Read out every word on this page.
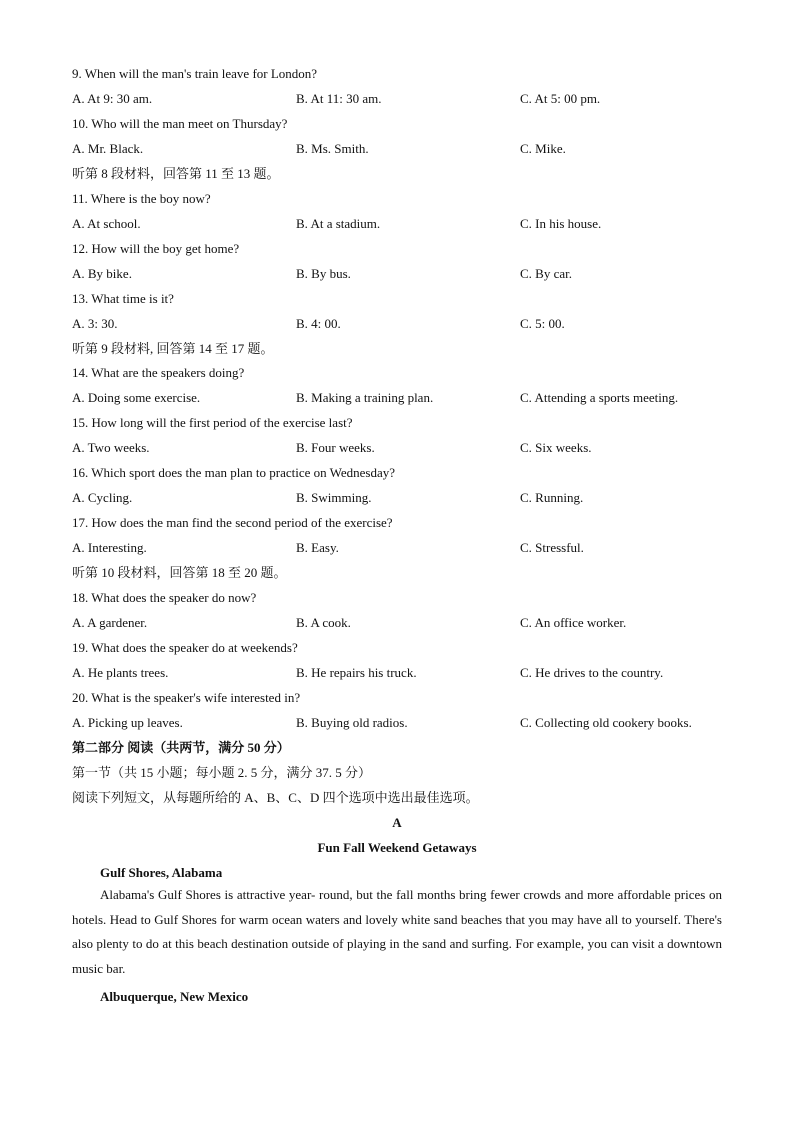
9. When will the man's train leave for London?
A. At 9: 30 am.	B. At 11: 30 am.	C. At 5: 00 pm.
10. Who will the man meet on Thursday?
A. Mr. Black.	B. Ms. Smith.	C. Mike.
听第 8 段材料，回答第 11 至 13 题。
11. Where is the boy now?
A. At school.	B. At a stadium.	C. In his house.
12. How will the boy get home?
A. By bike.	B. By bus.	C. By car.
13. What time is it?
A. 3: 30.	B. 4: 00.	C. 5: 00.
听第 9 段材料, 回答第 14 至 17 题。
14. What are the speakers doing?
A. Doing some exercise.	B. Making a training plan.	C. Attending a sports meeting.
15. How long will the first period of the exercise last?
A. Two weeks.	B. Four weeks.	C. Six weeks.
16. Which sport does the man plan to practice on Wednesday?
A. Cycling.	B. Swimming.	C. Running.
17. How does the man find the second period of the exercise?
A. Interesting.	B. Easy.	C. Stressful.
听第 10 段材料，回答第 18 至 20 题。
18. What does the speaker do now?
A. A gardener.	B. A cook.	C. An office worker.
19. What does the speaker do at weekends?
A. He plants trees.	B. He repairs his truck.	C. He drives to the country.
20. What is the speaker's wife interested in?
A. Picking up leaves.	B. Buying old radios.	C. Collecting old cookery books.
第二部分 阅读（共两节，满分 50 分）
第一节（共 15 小题；每小题 2. 5 分，满分 37. 5 分）
阅读下列短文，从每题所给的 A、B、C、D 四个选项中选出最佳选项。
A
Fun Fall Weekend Getaways
Gulf Shores, Alabama
Alabama's Gulf Shores is attractive year- round, but the fall months bring fewer crowds and more affordable prices on hotels. Head to Gulf Shores for warm ocean waters and lovely white sand beaches that you may have all to yourself. There's also plenty to do at this beach destination outside of playing in the sand and surfing. For example, you can visit a downtown music bar.
Albuquerque, New Mexico
